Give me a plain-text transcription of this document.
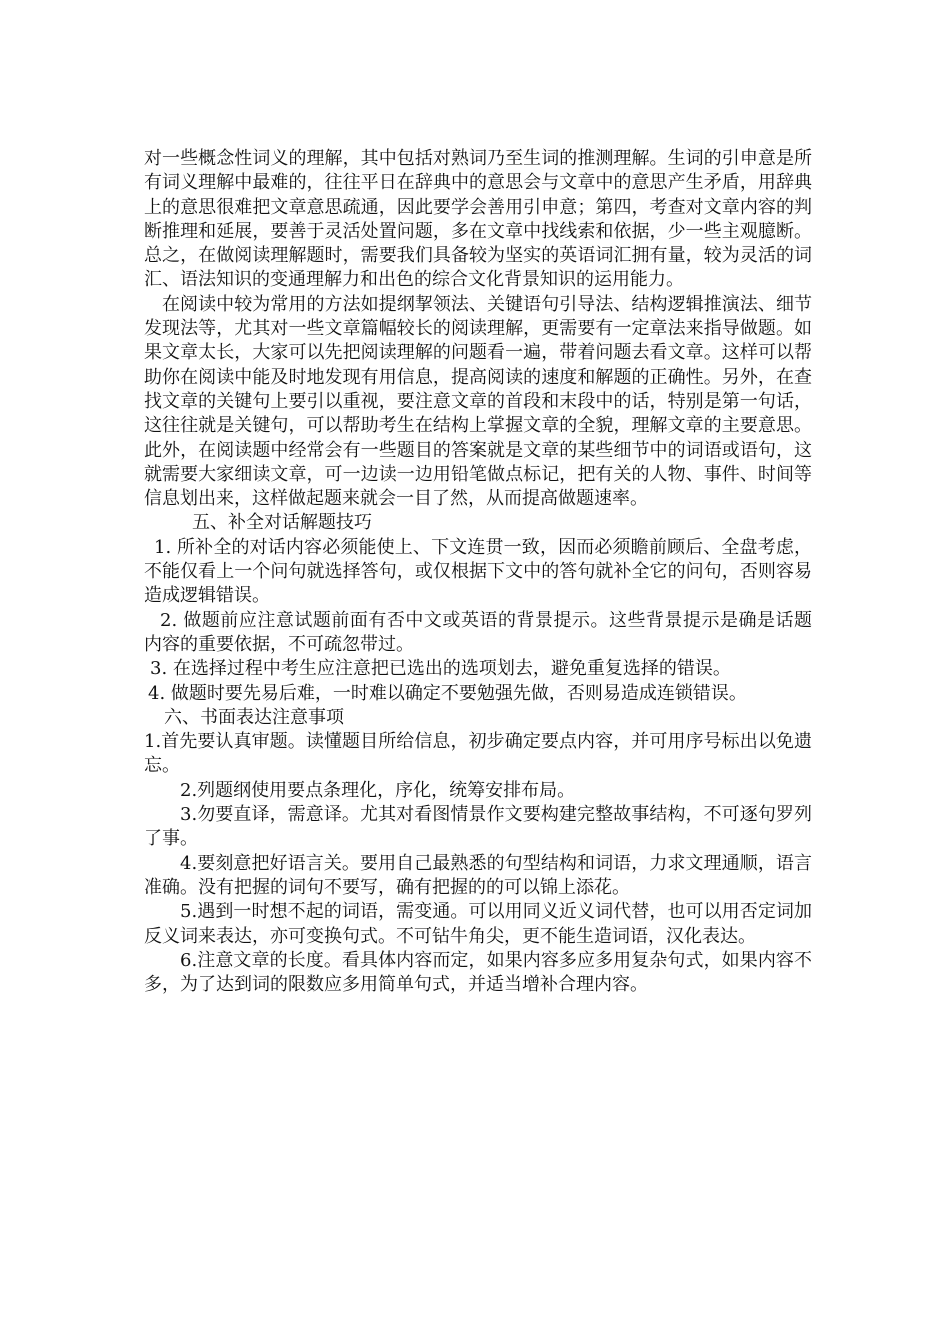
对一些概念性词义的理解，其中包括对熟词乃至生词的推测理解。生词的引申意是所有词义理解中最难的，往往平日在辞典中的意思会与文章中的意思产生矛盾，用辞典上的意思很难把文章意思疏通，因此要学会善用引申意；第四，考查对文章内容的判断推理和延展，要善于灵活处置问题，多在文章中找线索和依据，少一些主观臆断。总之，在做阅读理解题时，需要我们具备较为坚实的英语词汇拥有量，较为灵活的词汇、语法知识的变通理解力和出色的综合文化背景知识的运用能力。

在阅读中较为常用的方法如提纲挈领法、关键语句引导法、结构逻辑推演法、细节发现法等，尤其对一些文章篇幅较长的阅读理解，更需要有一定章法来指导做题。如果文章太长，大家可以先把阅读理解的问题看一遍，带着问题去看文章。这样可以帮助你在阅读中能及时地发现有用信息，提高阅读的速度和解题的正确性。另外，在查找文章的关键句上要引以重视，要注意文章的首段和末段中的话，特别是第一句话，这往往就是关键句，可以帮助考生在结构上掌握文章的全貌，理解文章的主要意思。此外，在阅读题中经常会有一些题目的答案就是文章的某些细节中的词语或语句，这就需要大家细读文章，可一边读一边用铅笔做点标记，把有关的人物、事件、时间等信息划出来，这样做起题来就会一目了然，从而提高做题速率。

五、补全对话解题技巧

1. 所补全的对话内容必须能使上、下文连贯一致，因而必须瞻前顾后、全盘考虑，不能仅看上一个问句就选择答句，或仅根据下文中的答句就补全它的问句，否则容易造成逻辑错误。

2. 做题前应注意试题前面有否中文或英语的背景提示。这些背景提示是确是话题内容的重要依据，不可疏忽带过。

3. 在选择过程中考生应注意把已选出的选项划去，避免重复选择的错误。

4. 做题时要先易后难，一时难以确定不要勉强先做，否则易造成连锁错误。

六、书面表达注意事项

1.首先要认真审题。读懂题目所给信息，初步确定要点内容，并可用序号标出以免遗忘。

2.列题纲使用要点条理化，序化，统筹安排布局。

3.勿要直译，需意译。尤其对看图情景作文要构建完整故事结构，不可逐句罗列了事。

4.要刻意把好语言关。要用自己最熟悉的句型结构和词语，力求文理通顺，语言准确。没有把握的词句不要写，确有把握的的可以锦上添花。

5.遇到一时想不起的词语，需变通。可以用同义近义词代替，也可以用否定词加反义词来表达，亦可变换句式。不可钻牛角尖，更不能生造词语，汉化表达。

6.注意文章的长度。看具体内容而定，如果内容多应多用复杂句式，如果内容不多，为了达到词的限数应多用简单句式，并适当增补合理内容。
